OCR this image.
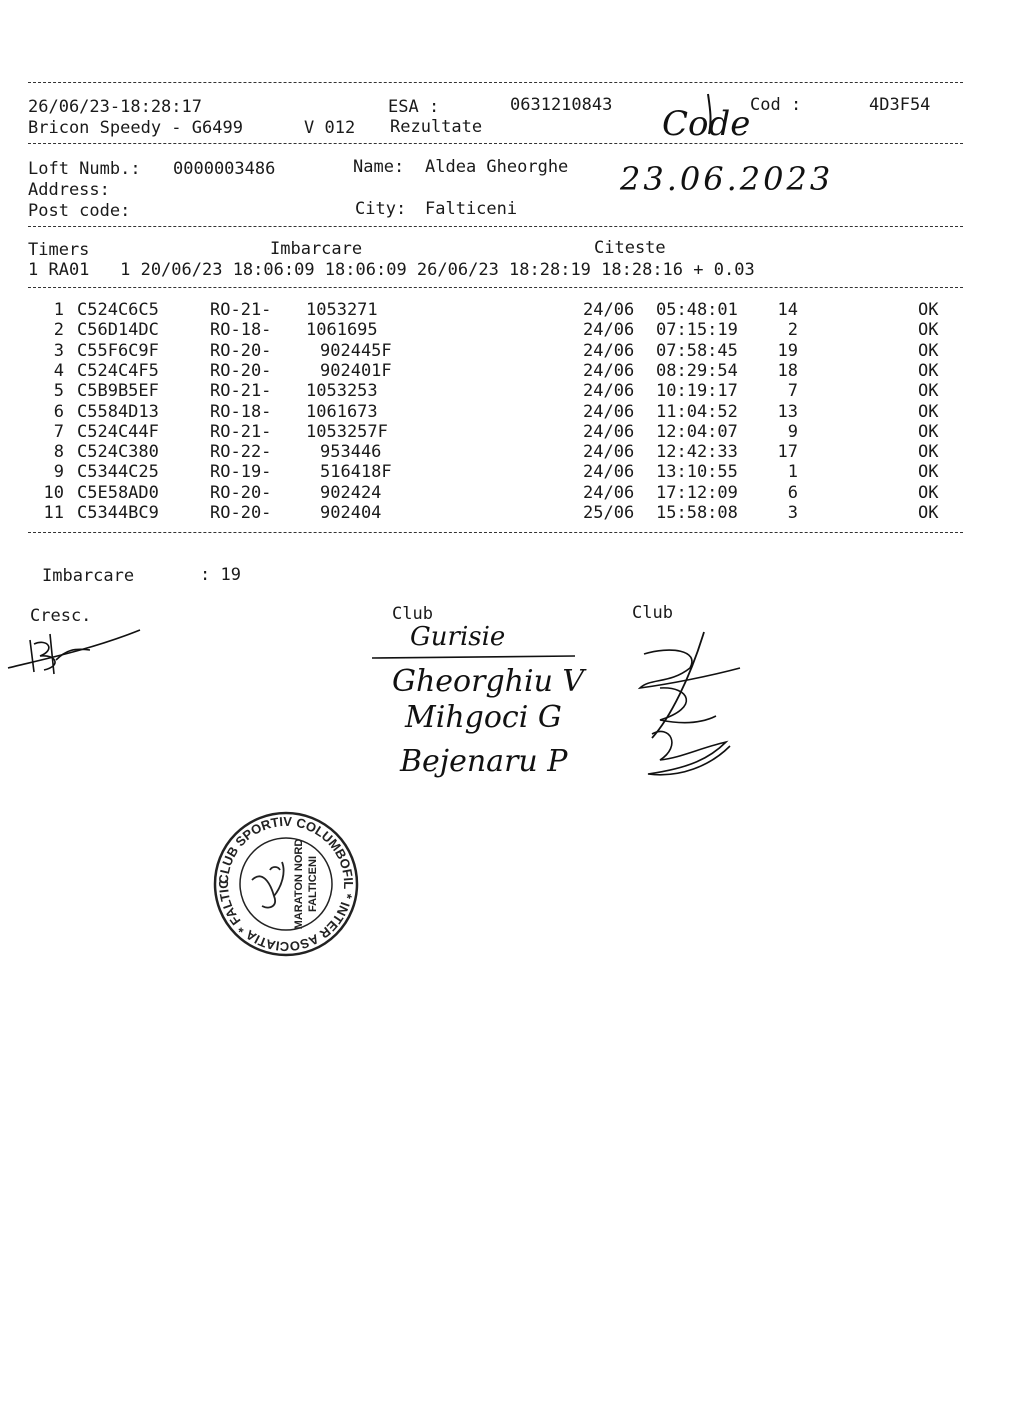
26/06/23-18:28:17	ESA :	0631210843	Cod :	4D3F54
Bricon Speedy - G6499	V 012 Rezultate	Code
Loft Numb.: 0000003486	Name: Aldea Gheorghe
Address:
Post code:	City: Falticeni
23.06.2023
Timers	Imbarcare	Citeste
1 RA01   1 20/06/23 18:06:09 18:06:09 26/06/23 18:28:19 18:28:16 + 0.03
1 C524C6C5	RO-21- 1053271	24/06 05:48:01	14	OK
2 C56D14DC	RO-18- 1061695	24/06 07:15:19	2	OK
3 C55F6C9F	RO-20-	902445F	24/06 07:58:45	19	OK
4 C524C4F5	RO-20-	902401F	24/06 08:29:54	18	OK
5 C5B9B5EF	RO-21- 1053253	24/06 10:19:17	7	OK
6 C5584D13	RO-18- 1061673	24/06 11:04:52	13	OK
7 C524C44F	RO-21- 1053257F	24/06 12:04:07	9	OK
8 C524C380	RO-22-	953446	24/06 12:42:33	17	OK
9 C5344C25	RO-19-	516418F	24/06 13:10:55	1	OK
10 C5E58AD0	RO-20-	902424	24/06 17:12:09	6	OK
11 C5344BC9	RO-20-	902404	25/06 15:58:08	3	OK
Imbarcare	: 19
Cresc.	Club	Club
Gurisie
Gheorghiu V
Mihgoci G
Bejenaru P
CLUB SPORTIV COLUMBOFIL * INTER ASOCIATIA * FALTICENI
MARATON NORD FALTICENI
